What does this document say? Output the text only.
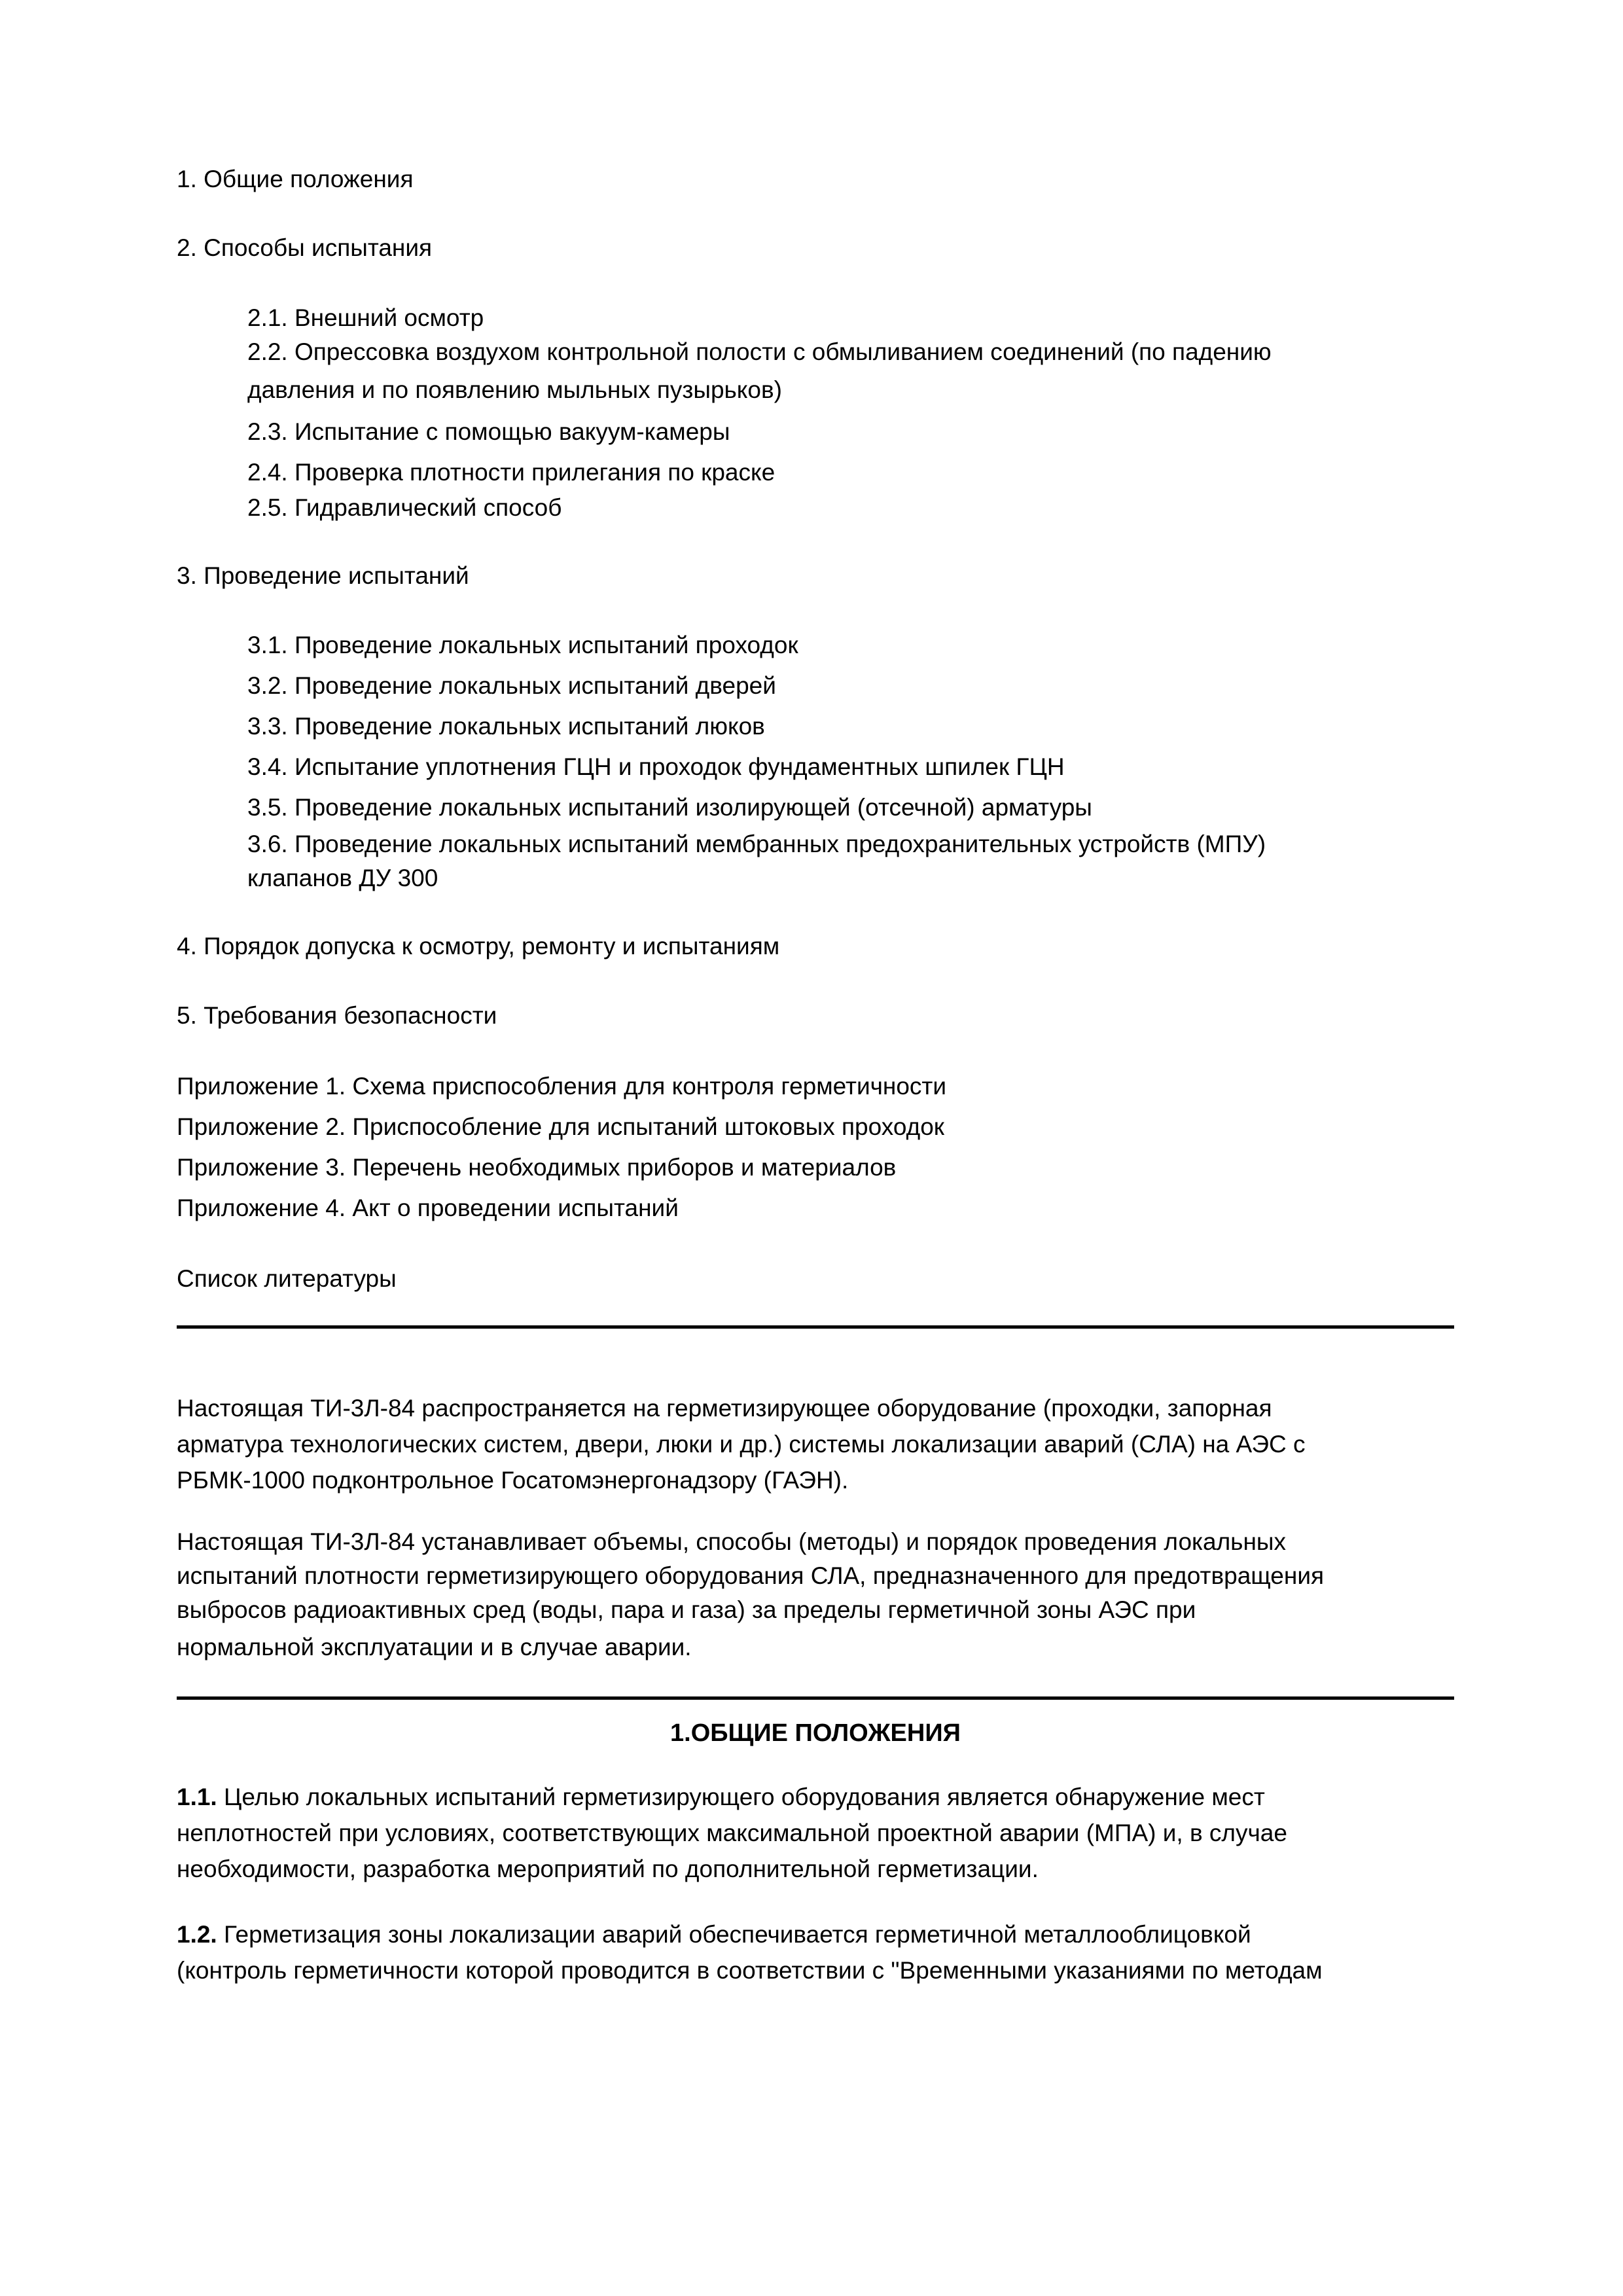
1. Общие положения
2. Способы испытания
2.1. Внешний осмотр
2.2. Опрессовка воздухом контрольной полости с обмыливанием соединений (по падению
давления и по появлению мыльных пузырьков)
2.3. Испытание с помощью вакуум-камеры
2.4. Проверка плотности прилегания по краске
2.5. Гидравлический способ
3. Проведение испытаний
3.1. Проведение локальных испытаний проходок
3.2. Проведение локальных испытаний дверей
3.3. Проведение локальных испытаний люков
3.4. Испытание уплотнения ГЦН и проходок фундаментных шпилек ГЦН
3.5. Проведение локальных испытаний изолирующей (отсечной) арматуры
3.6. Проведение локальных испытаний мембранных предохранительных устройств (МПУ)
клапанов ДУ 300
4. Порядок допуска к осмотру, ремонту и испытаниям
5. Требования безопасности
Приложение 1. Схема приспособления для контроля герметичности
Приложение 2. Приспособление для испытаний штоковых проходок
Приложение 3. Перечень необходимых приборов и материалов
Приложение 4. Акт о проведении испытаний
Список литературы
Настоящая ТИ-3Л-84 распространяется на герметизирующее оборудование (проходки, запорная
арматура технологических систем, двери, люки и др.) системы локализации аварий (СЛА) на АЭС с
РБМК-1000 подконтрольное Госатомэнергонадзору (ГАЭН).
Настоящая ТИ-3Л-84 устанавливает объемы, способы (методы) и порядок проведения локальных
испытаний плотности герметизирующего оборудования СЛА, предназначенного для предотвращения
выбросов радиоактивных сред (воды, пара и газа) за пределы герметичной зоны АЭС при
нормальной эксплуатации и в случае аварии.
1.ОБЩИЕ ПОЛОЖЕНИЯ
1.1. Целью локальных испытаний герметизирующего оборудования является обнаружение мест
неплотностей при условиях, соответствующих максимальной проектной аварии (МПА) и, в случае
необходимости, разработка мероприятий по дополнительной герметизации.
1.2. Герметизация зоны локализации аварий обеспечивается герметичной металлооблицовкой
(контроль герметичности которой проводится в соответствии с "Временными указаниями по методам
